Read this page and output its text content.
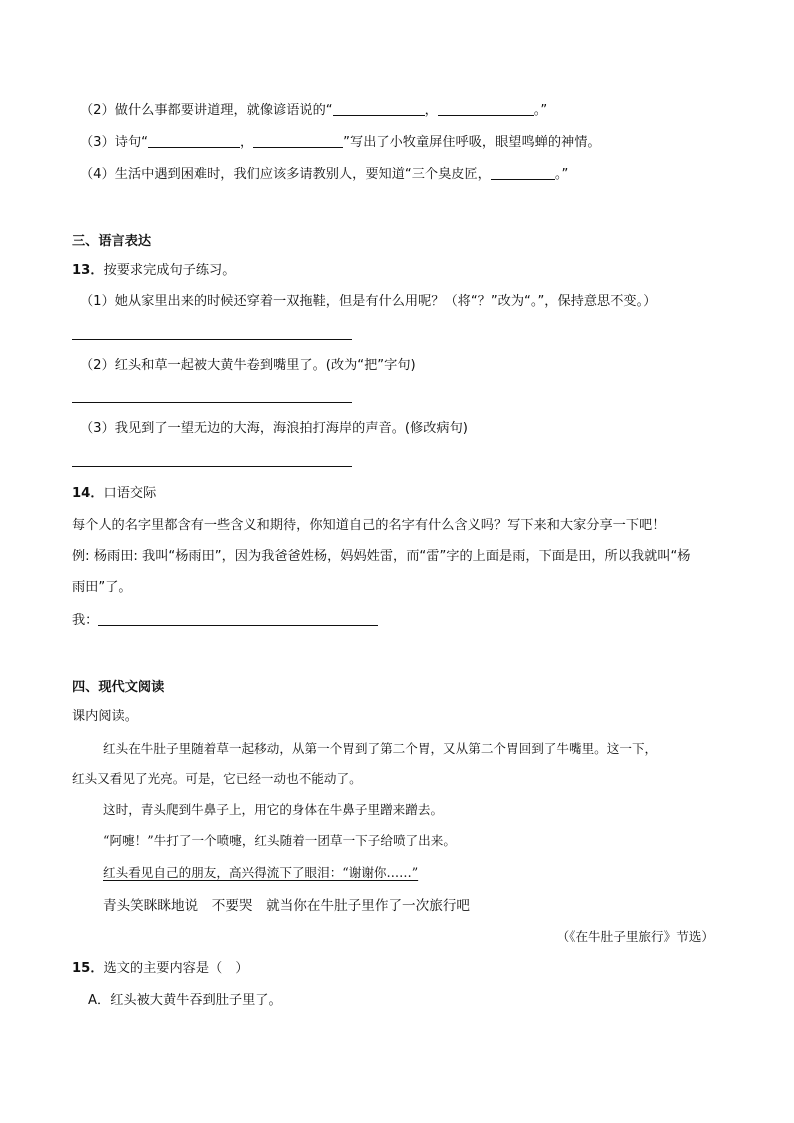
（2）做什么事都要讲道理，就像谚语说的“	，	。”
（3）诗句“	，	”写出了小牧童屏住呼吸，眼望鸣蝉的神情。
（4）生活中遇到困难时，我们应该多请教别人，要知道“三个臭皮匠，	。”
三、语言表达
13．按要求完成句子练习。
（1）她从家里出来的时候还穿着一双拖鞋，但是有什么用呢？（将“？”改为“。”，保持意思不变。）
（2）红头和草一起被大黄牛卷到嘴里了。(改为“把”字句)
（3）我见到了一望无边的大海，海浪拍打海岸的声音。(修改病句)
14．口语交际
每个人的名字里都含有一些含义和期待，你知道自己的名字有什么含义吗？写下来和大家分享一下吧！
例: 杨雨田: 我叫“杨雨田”，因为我爸爸姓杨，妈妈姓雷，而“雷”字的上面是雨，下面是田，所以我就叫“杨
雨田”了。
我：
四、现代文阅读
课内阅读。
红头在牛肚子里随着草一起移动，从第一个胃到了第二个胃，又从第二个胃回到了牛嘴里。这一下，
红头又看见了光亮。可是，它已经一动也不能动了。
这时，青头爬到牛鼻子上，用它的身体在牛鼻子里蹭来蹭去。
“阿嚏！”牛打了一个喷嚏，红头随着一团草一下子给喷了出来。
红头看见自己的朋友，高兴得流下了眼泪：“谢谢你……”
青头笑眯眯地说　不要哭　就当你在牛肚子里作了一次旅行吧
（《在牛肚子里旅行》节选）
15．选文的主要内容是（　）
A．红头被大黄牛吞到肚子里了。
